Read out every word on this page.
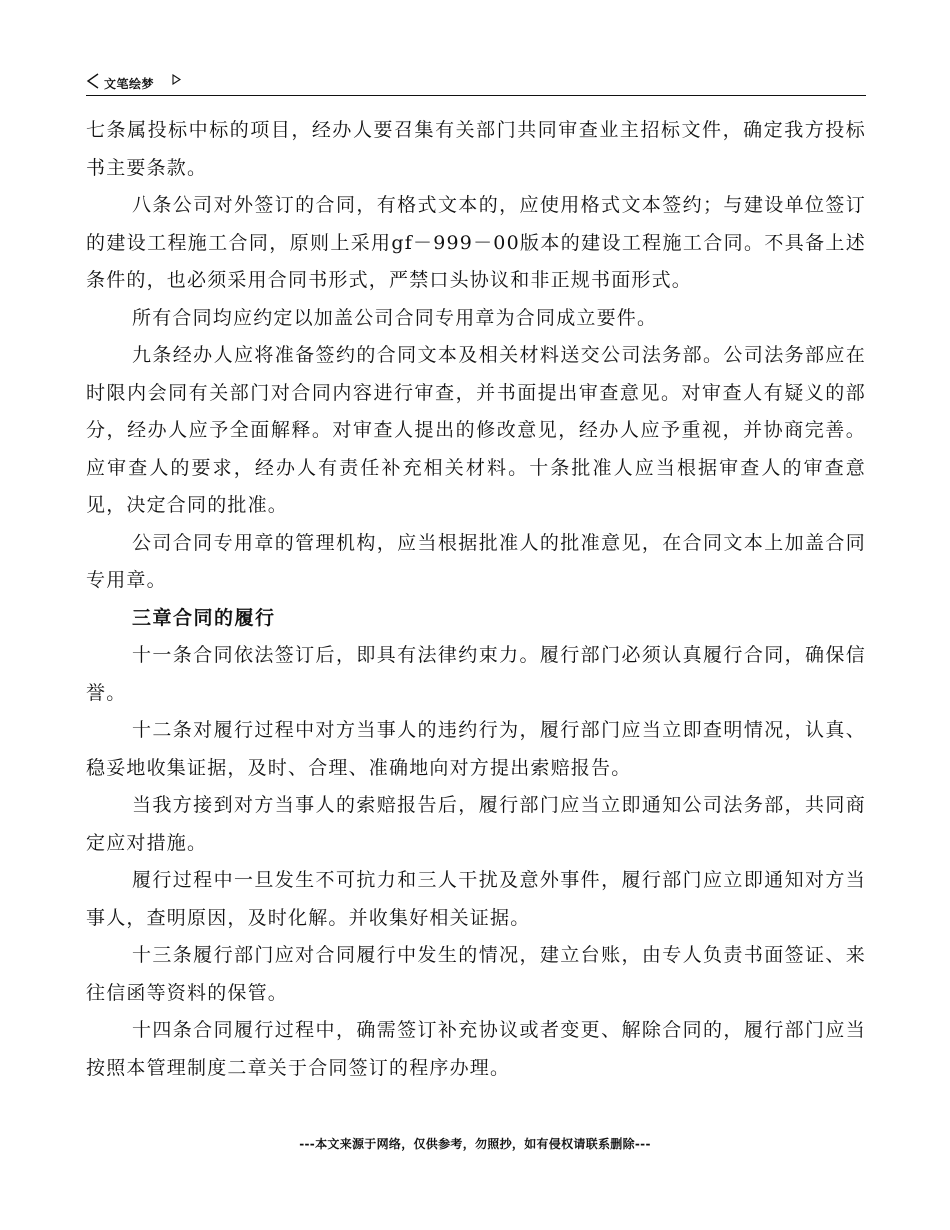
文笔绘梦

七条属投标中标的项目，经办人要召集有关部门共同审查业主招标文件，确定我方投标书主要条款。

八条公司对外签订的合同，有格式文本的，应使用格式文本签约；与建设单位签订的建设工程施工合同，原则上采用gf－999－00版本的建设工程施工合同。不具备上述条件的，也必须采用合同书形式，严禁口头协议和非正规书面形式。

所有合同均应约定以加盖公司合同专用章为合同成立要件。

九条经办人应将准备签约的合同文本及相关材料送交公司法务部。公司法务部应在时限内会同有关部门对合同内容进行审查，并书面提出审查意见。对审查人有疑义的部分，经办人应予全面解释。对审查人提出的修改意见，经办人应予重视，并协商完善。应审查人的要求，经办人有责任补充相关材料。十条批准人应当根据审查人的审查意见，决定合同的批准。

公司合同专用章的管理机构，应当根据批准人的批准意见，在合同文本上加盖合同专用章。

三章合同的履行

十一条合同依法签订后，即具有法律约束力。履行部门必须认真履行合同，确保信誉。

十二条对履行过程中对方当事人的违约行为，履行部门应当立即查明情况，认真、稳妥地收集证据，及时、合理、准确地向对方提出索赔报告。

当我方接到对方当事人的索赔报告后，履行部门应当立即通知公司法务部，共同商定应对措施。

履行过程中一旦发生不可抗力和三人干扰及意外事件，履行部门应立即通知对方当事人，查明原因，及时化解。并收集好相关证据。

十三条履行部门应对合同履行中发生的情况，建立台账，由专人负责书面签证、来往信函等资料的保管。

十四条合同履行过程中，确需签订补充协议或者变更、解除合同的，履行部门应当按照本管理制度二章关于合同签订的程序办理。

---本文来源于网络，仅供参考，勿照抄，如有侵权请联系删除---
